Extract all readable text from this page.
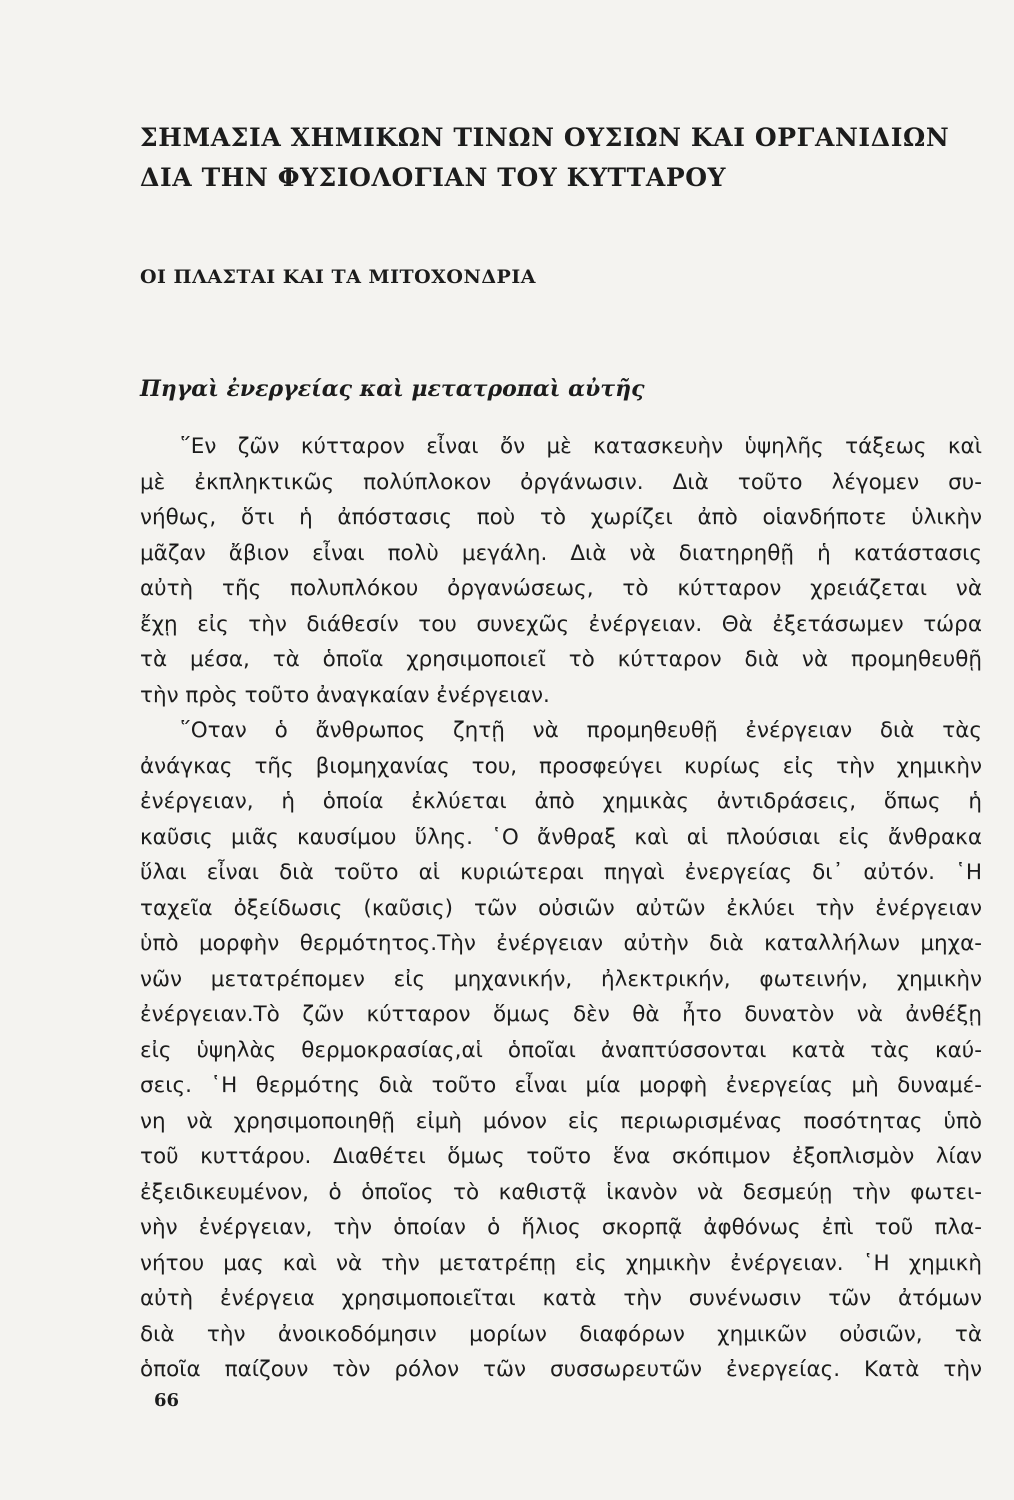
ΣΗΜΑΣΙΑ ΧΗΜΙΚΩΝ ΤΙΝΩΝ ΟΥΣΙΩΝ ΚΑΙ ΟΡΓΑΝΙΔΙΩΝ
ΔΙΑ ΤΗΝ ΦΥΣΙΟΛΟΓΙΑΝ ΤΟΥ ΚΥΤΤΑΡΟΥ
ΟΙ ΠΛΑΣΤΑΙ ΚΑΙ ΤΑ ΜΙΤΟΧΟΝΔΡΙΑ
Πηγαὶ ἐνεργείας καὶ μετατροπαὶ αὐτῆς
῞Εν ζῶν κύτταρον εἶναι ὄν μὲ κατασκευὴν ὑψηλῆς τάξεως καὶ
μὲ ἐκπληκτικῶς πολύπλοκον ὀργάνωσιν. Διὰ τοῦτο λέγομεν συ-
νήθως, ὅτι ἡ ἀπόστασις ποὺ τὸ χωρίζει ἀπὸ οἱανδήποτε ὑλικὴν
μᾶζαν ἄβιον εἶναι πολὺ μεγάλη. Διὰ νὰ διατηρηθῇ ἡ κατάστασις
αὐτὴ τῆς πολυπλόκου ὀργανώσεως, τὸ κύτταρον χρειάζεται νὰ
ἔχῃ εἰς τὴν διάθεσίν του συνεχῶς ἐνέργειαν. Θὰ ἐξετάσωμεν τώρα
τὰ μέσα, τὰ ὁποῖα χρησιμοποιεῖ τὸ κύτταρον διὰ νὰ προμηθευθῇ
τὴν πρὸς τοῦτο ἀναγκαίαν ἐνέργειαν.
῞Οταν ὁ ἄνθρωπος ζητῇ νὰ προμηθευθῇ ἐνέργειαν διὰ τὰς
ἀνάγκας τῆς βιομηχανίας του, προσφεύγει κυρίως εἰς τὴν χημικὴν
ἐνέργειαν, ἡ ὁποία ἐκλύεται ἀπὸ χημικὰς ἀντιδράσεις, ὅπως ἡ
καῦσις μιᾶς καυσίμου ὕλης. ῾Ο ἄνθραξ καὶ αἱ πλούσιαι εἰς ἄνθρακα
ὕλαι εἶναι διὰ τοῦτο αἱ κυριώτεραι πηγαὶ ἐνεργείας δι᾽ αὐτόν. ῾Η
ταχεῖα ὀξείδωσις (καῦσις) τῶν οὐσιῶν αὐτῶν ἐκλύει τὴν ἐνέργειαν
ὑπὸ μορφὴν θερμότητος.Τὴν ἐνέργειαν αὐτὴν διὰ καταλλήλων μηχα-
νῶν μετατρέπομεν εἰς μηχανικήν, ἠλεκτρικήν, φωτεινήν, χημικὴν
ἐνέργειαν.Τὸ ζῶν κύτταρον ὅμως δὲν θὰ ἦτο δυνατὸν νὰ ἀνθέξῃ
εἰς ὑψηλὰς θερμοκρασίας,αἱ ὁποῖαι ἀναπτύσσονται κατὰ τὰς καύ-
σεις. ῾Η θερμότης διὰ τοῦτο εἶναι μία μορφὴ ἐνεργείας μὴ δυναμέ-
νη νὰ χρησιμοποιηθῇ εἰμὴ μόνον εἰς περιωρισμένας ποσότητας ὑπὸ
τοῦ κυττάρου. Διαθέτει ὅμως τοῦτο ἕνα σκόπιμον ἐξοπλισμὸν λίαν
ἐξειδικευμένον, ὁ ὁποῖος τὸ καθιστᾷ ἱκανὸν νὰ δεσμεύῃ τὴν φωτει-
νὴν ἐνέργειαν, τὴν ὁποίαν ὁ ἥλιος σκορπᾷ ἀφθόνως ἐπὶ τοῦ πλα-
νήτου μας καὶ νὰ τὴν μετατρέπῃ εἰς χημικὴν ἐνέργειαν. ῾Η χημικὴ
αὐτὴ ἐνέργεια χρησιμοποιεῖται κατὰ τὴν συνένωσιν τῶν ἀτόμων
διὰ τὴν ἀνοικοδόμησιν μορίων διαφόρων χημικῶν οὐσιῶν, τὰ
ὁποῖα παίζουν τὸν ρόλον τῶν συσσωρευτῶν ἐνεργείας. Κατὰ τὴν

66
